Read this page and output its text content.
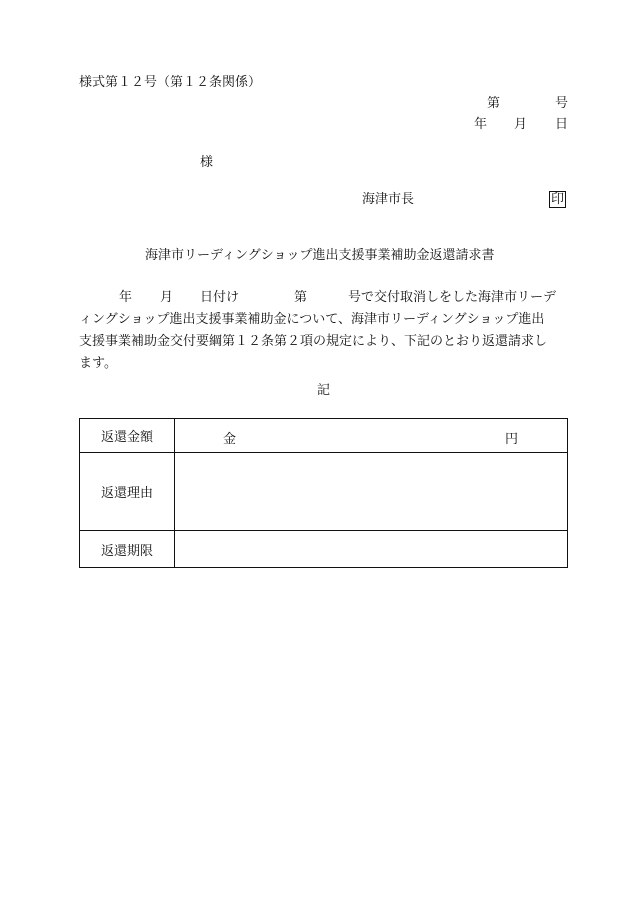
様式第１２号（第１２条関係）
第	号
年 月 日
様
海津市長	印
海津市リーディングショップ進出支援事業補助金返還請求書
年 月 日付け	第	号で交付取消しをした海津市リーデ
ィングショップ進出支援事業補助金について、海津市リーディングショップ進出
支援事業補助金交付要綱第１２条第２項の規定により、下記のとおり返還請求し
ます。
記
返還金額	金 円

返還理由	
返還期限	
